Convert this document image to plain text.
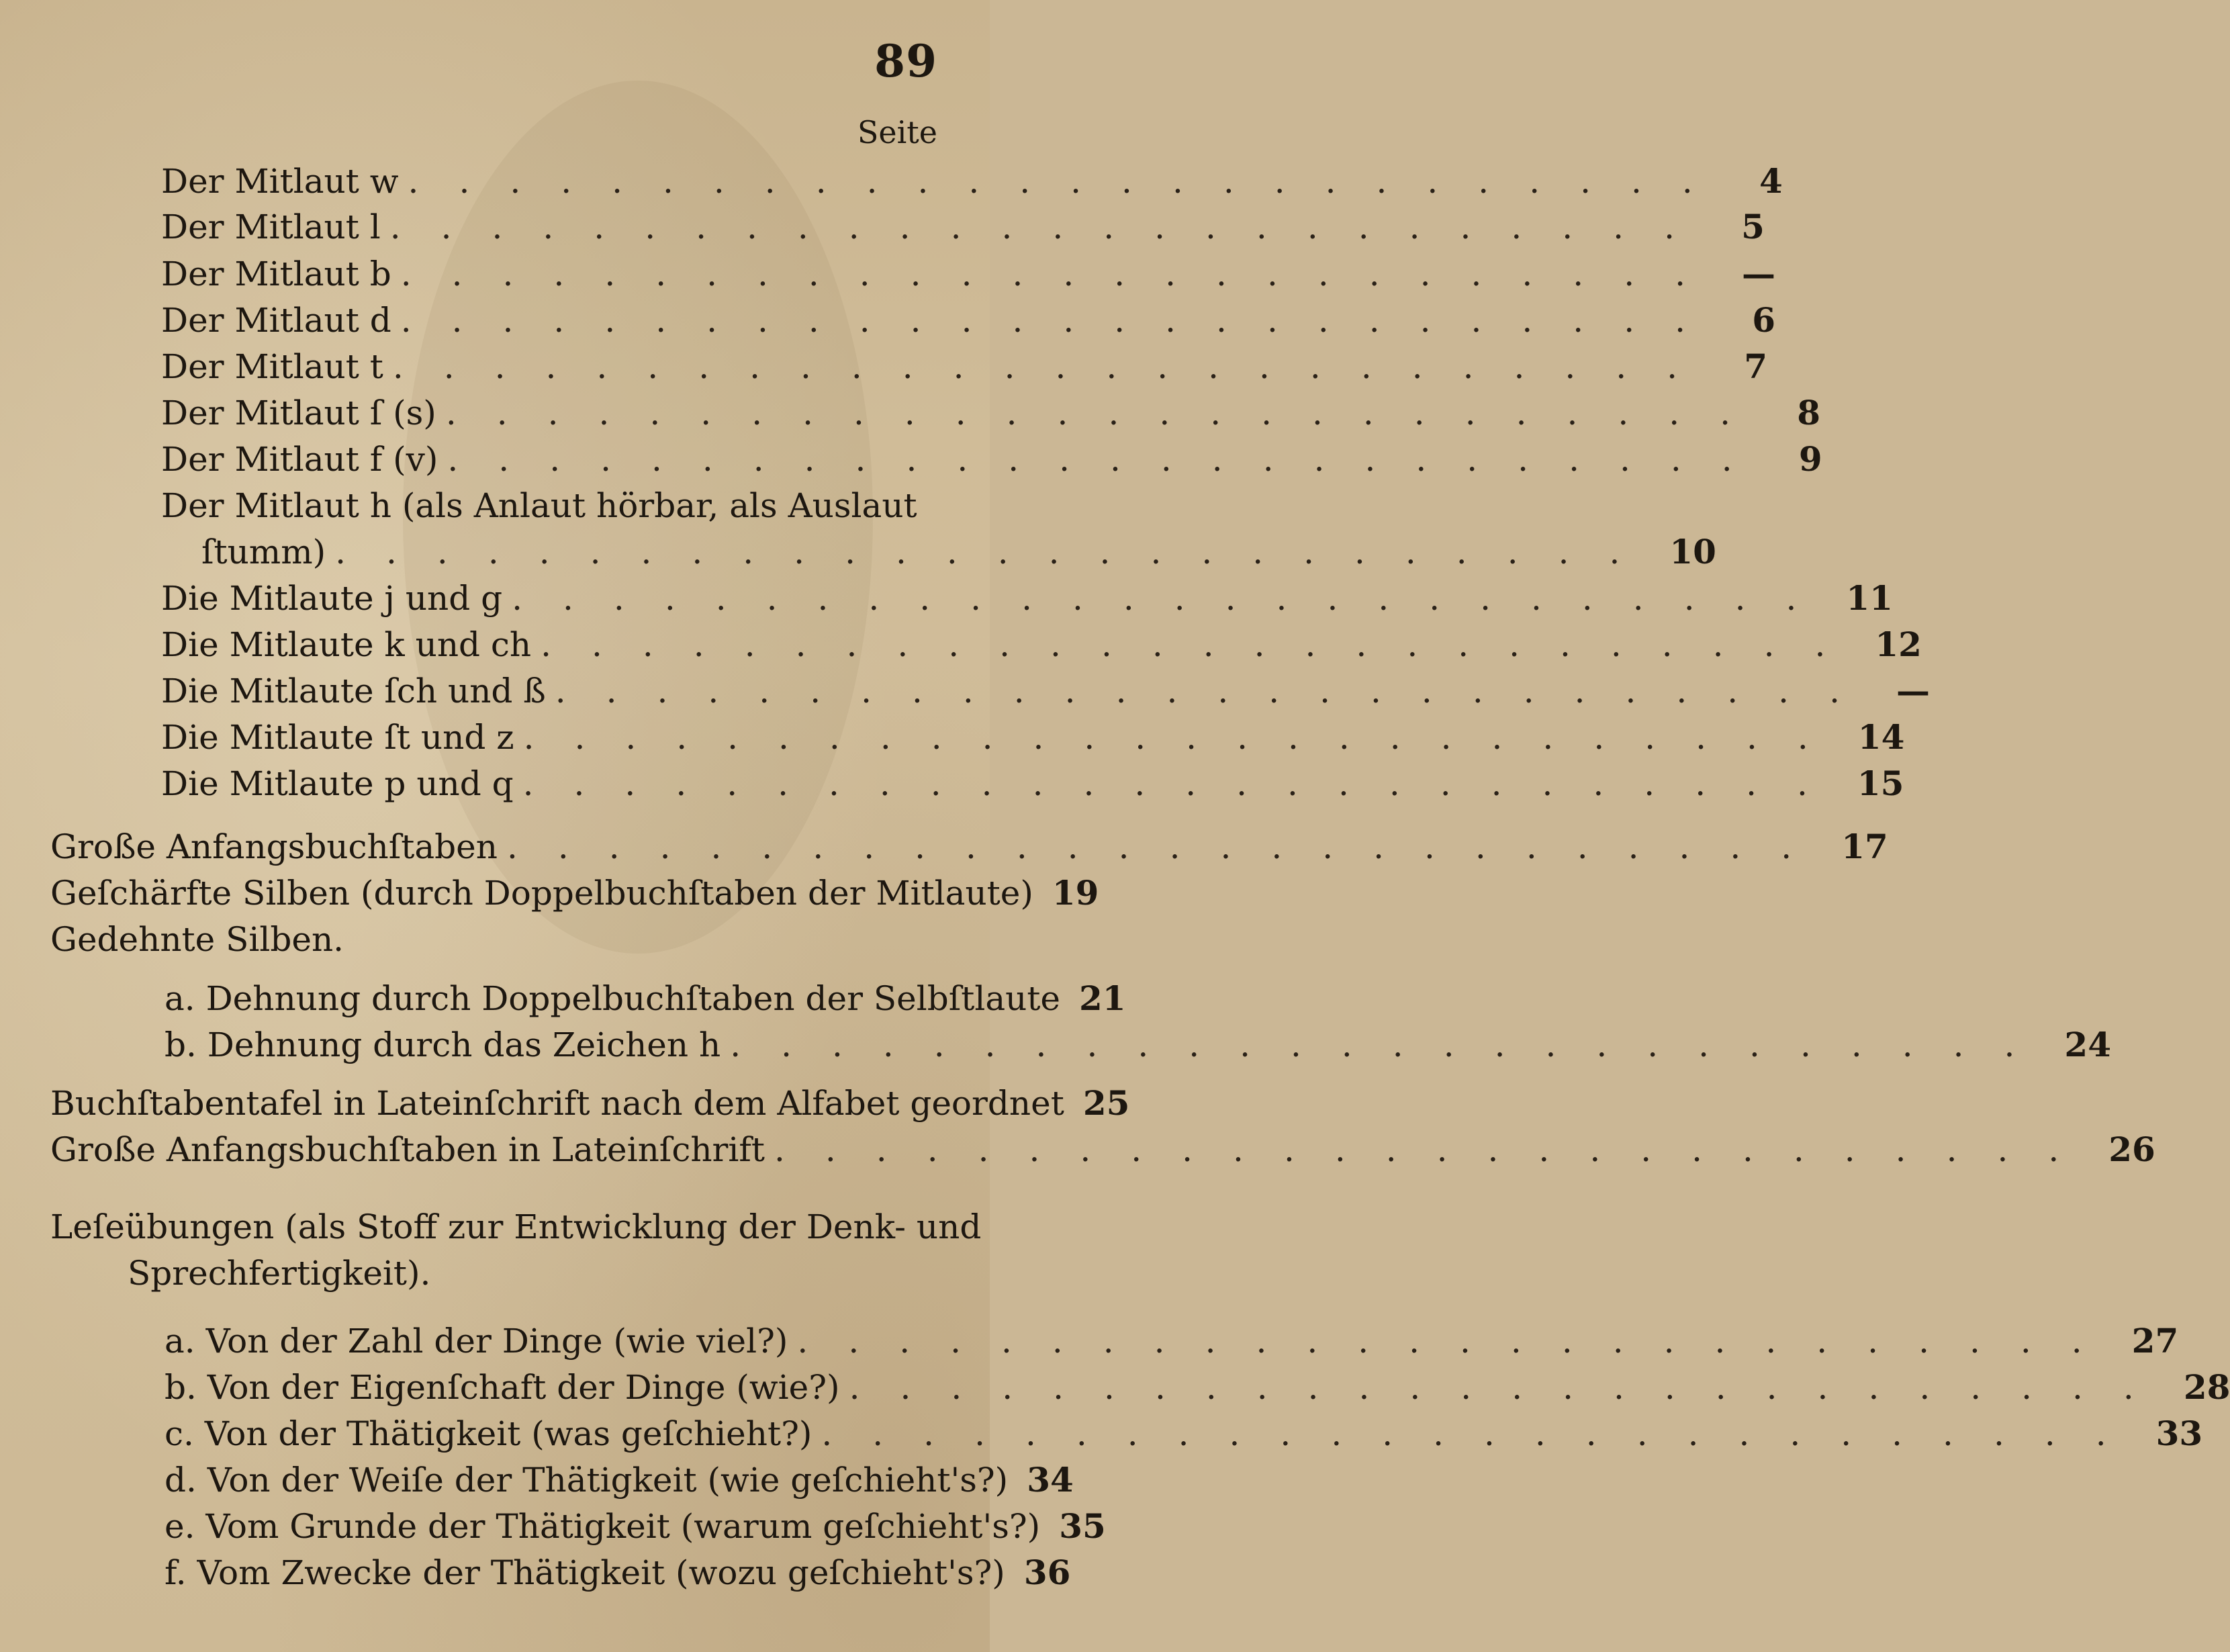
89
Seite
Der Mitlaut w .......................... 4
Der Mitlaut l .......................... 5
Der Mitlaut b .......................... —
Der Mitlaut d .......................... 6
Der Mitlaut t .......................... 7
Der Mitlaut ſ (s) .......................... 8
Der Mitlaut f (v) .......................... 9
Der Mitlaut h (als Anlaut hörbar, als Auslaut
ſtumm) .......................... 10
Die Mitlaute j und g .......................... 11
Die Mitlaute k und ch .......................... 12
Die Mitlaute ſch und ß .......................... —
Die Mitlaute ſt und z .......................... 14
Die Mitlaute p und q .......................... 15
Große Anfangsbuchſtaben .......................... 17
Geſchärfte Silben (durch Doppelbuchſtaben der Mitlaute) 19
Gedehnte Silben.
a. Dehnung durch Doppelbuchſtaben der Selbſtlaute 21
b. Dehnung durch das Zeichen h .......................... 24
Buchſtabentafel in Lateinſchrift nach dem Alfabet geordnet 25
Große Anfangsbuchſtaben in Lateinſchrift .......................... 26
Leſeübungen (als Stoff zur Entwicklung der Denk- und
Sprechfertigkeit).
a. Von der Zahl der Dinge (wie viel?) .......................... 27
b. Von der Eigenſchaft der Dinge (wie?) .......................... 28
c. Von der Thätigkeit (was geſchieht?) .......................... 33
d. Von der Weiſe der Thätigkeit (wie geſchieht's?) 34
e. Vom Grunde der Thätigkeit (warum geſchieht's?) 35
f. Vom Zwecke der Thätigkeit (wozu geſchieht's?) 36
